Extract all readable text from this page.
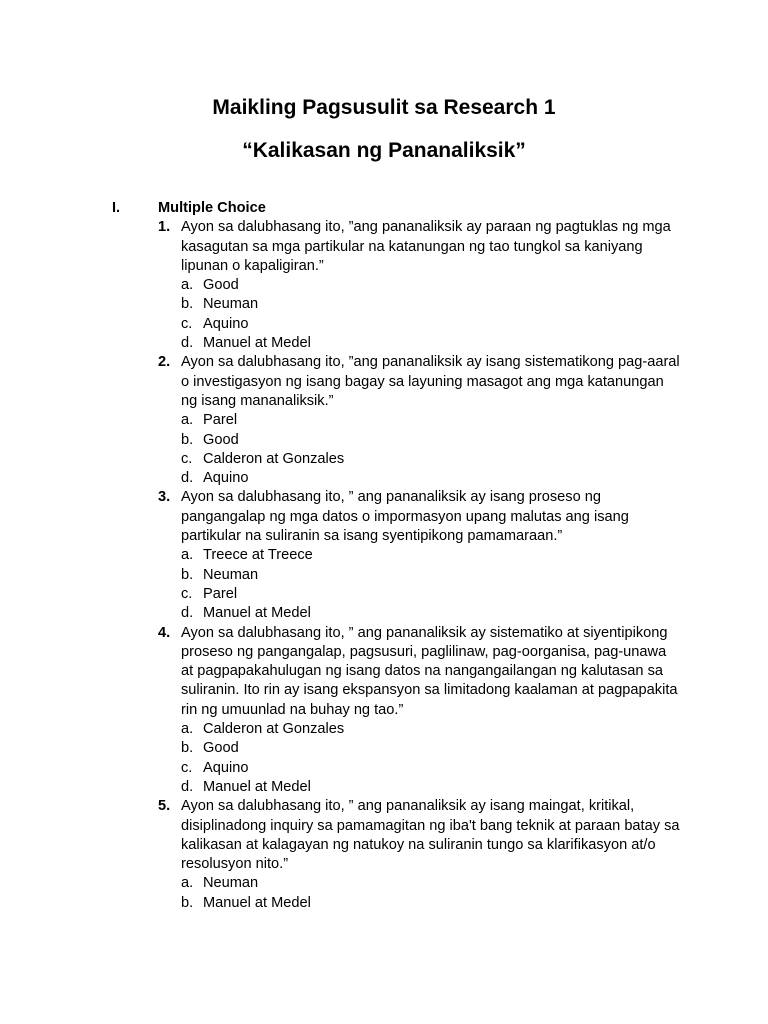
Maikling Pagsusulit sa Research 1
“Kalikasan ng Pananaliksik”
I.	Multiple Choice
1. Ayon sa dalubhasang ito, ”ang pananaliksik ay paraan ng pagtuklas ng mga kasagutan sa mga partikular na katanungan ng tao tungkol sa kaniyang lipunan o kapaligiran.”
a. Good
b. Neuman
c. Aquino
d. Manuel at Medel
2. Ayon sa dalubhasang ito, ”ang pananaliksik ay isang sistematikong pag-aaral o investigasyon ng isang bagay sa layuning masagot ang mga katanungan ng isang mananaliksik.”
a. Parel
b. Good
c. Calderon at Gonzales
d. Aquino
3. Ayon sa dalubhasang ito, ” ang pananaliksik ay isang proseso ng pangangalap ng mga datos o impormasyon upang malutas ang isang partikular na suliranin sa isang syentipikong pamamaraan.”
a. Treece at Treece
b. Neuman
c. Parel
d. Manuel at Medel
4. Ayon sa dalubhasang ito, ” ang pananaliksik ay sistematiko at siyentipikong proseso ng pangangalap, pagsusuri, paglilinaw, pag-oorganisa, pag-unawa at pagpapakahulugan ng isang datos na nangangailangan ng kalutasan sa suliranin. Ito rin ay isang ekspansyon sa limitadong kaalaman at pagpapakita rin ng umuunlad na buhay ng tao.”
a. Calderon at Gonzales
b. Good
c. Aquino
d. Manuel at Medel
5. Ayon sa dalubhasang ito, ” ang pananaliksik ay isang maingat, kritikal, disiplinadong inquiry sa pamamagitan ng iba't bang teknik at paraan batay sa kalikasan at kalagayan ng natukoy na suliranin tungo sa klarifikasyon at/o resolusyon nito.”
a. Neuman
b. Manuel at Medel
